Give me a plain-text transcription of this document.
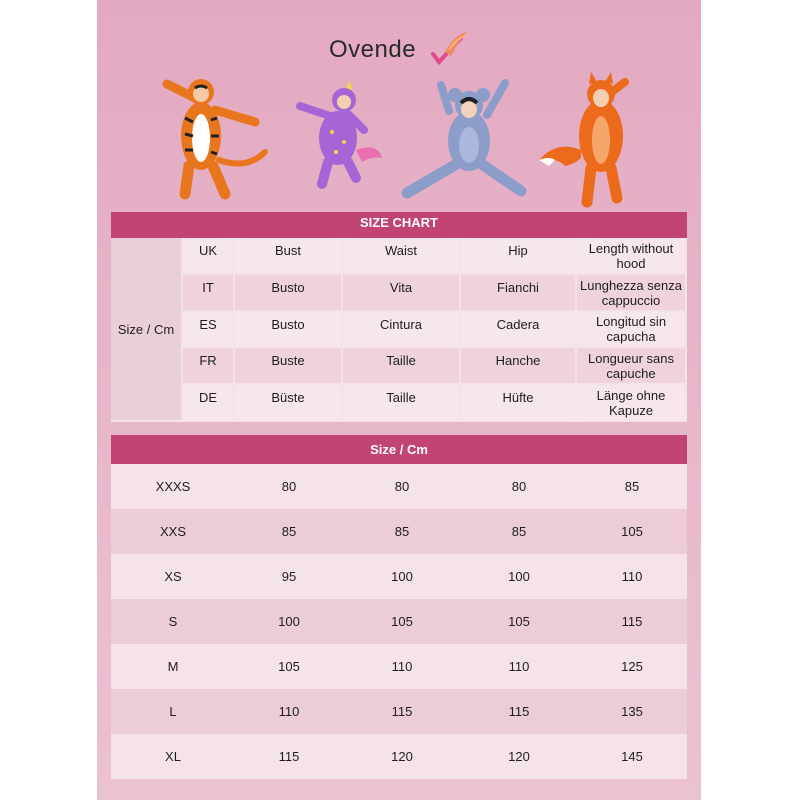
Ovende
SIZE CHART
Size / Cm
UK	Bust	Waist	Hip	Length without hood
IT	Busto	Vita	Fianchi	Lunghezza senza cappuccio
ES	Busto	Cintura	Cadera	Longitud sin capucha
FR	Buste	Taille	Hanche	Longueur sans capuche
DE	Büste	Taille	Hüfte	Länge ohne Kapuze
Size / Cm
XXXS	80	80	80	85
XXS	85	85	85	105
XS	95	100	100	110
S	100	105	105	115
M	105	110	110	125
L	110	115	115	135
XL	115	120	120	145
